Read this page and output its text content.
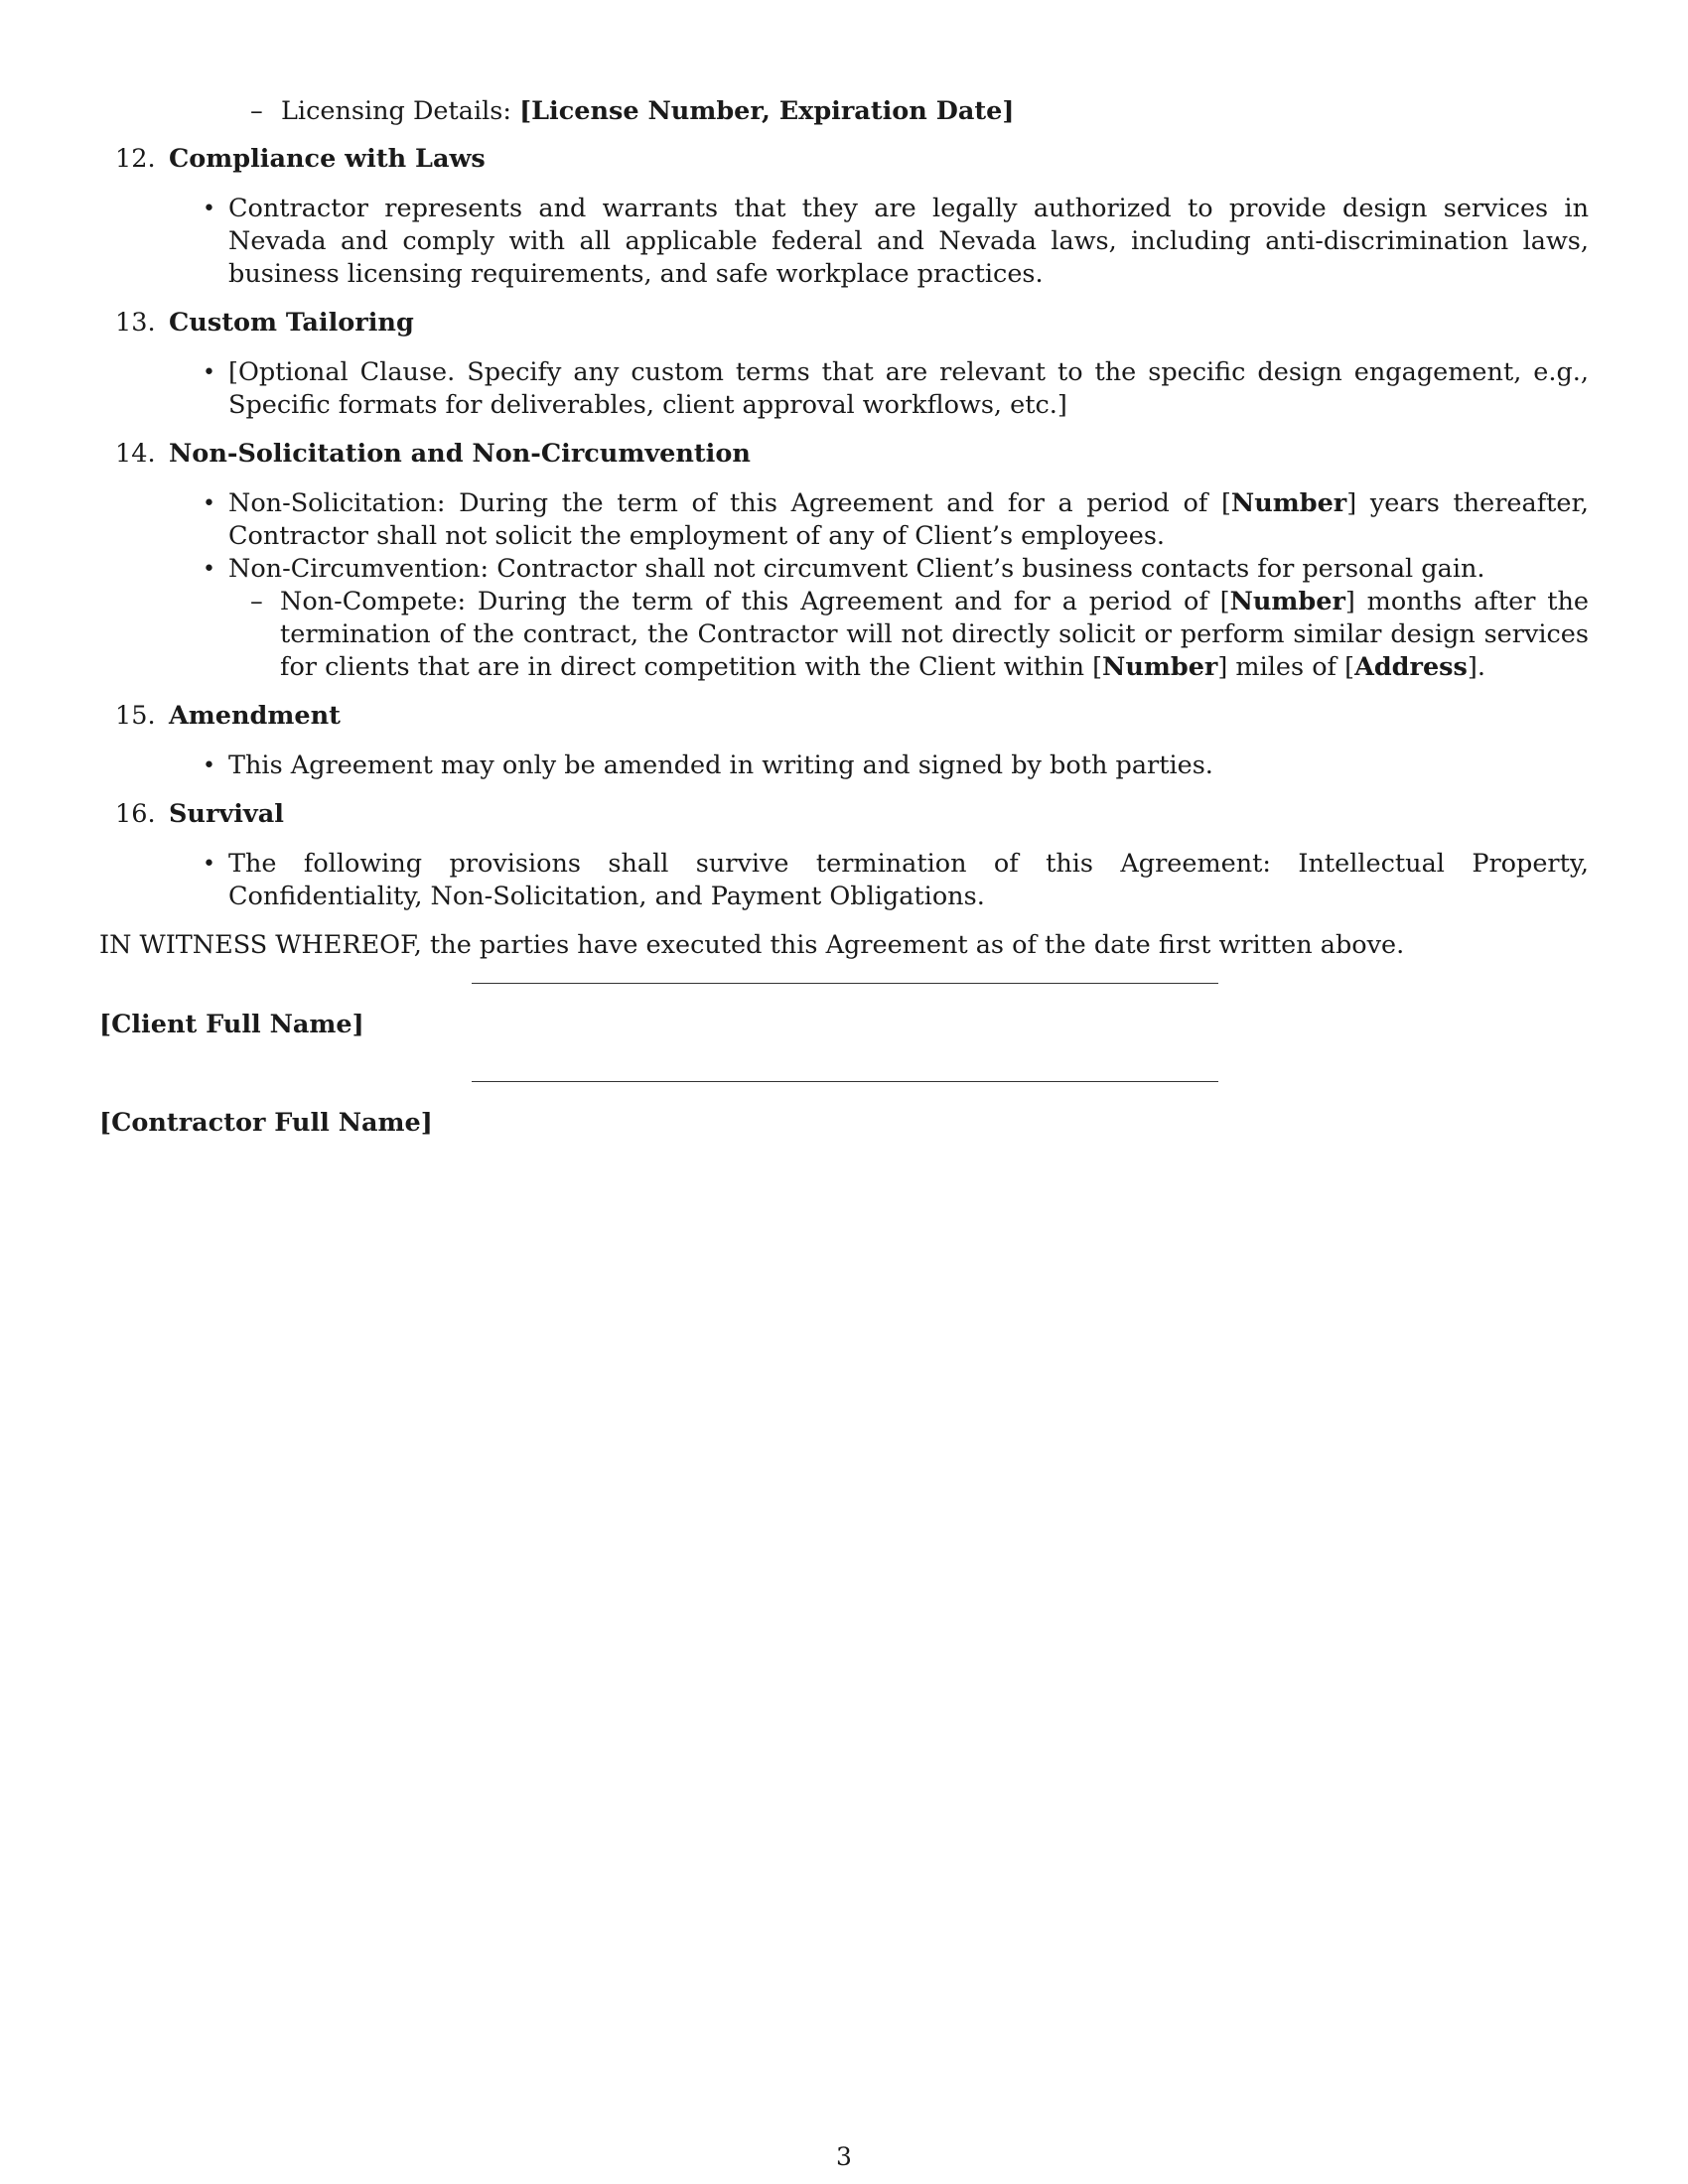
– Licensing Details: [License Number, Expiration Date]
12. Compliance with Laws
• Contractor represents and warrants that they are legally authorized to provide design services in Nevada and comply with all applicable federal and Nevada laws, including anti-discrimination laws, business licensing requirements, and safe workplace practices.
13. Custom Tailoring
• [Optional Clause. Specify any custom terms that are relevant to the specific design engagement, e.g., Specific formats for deliverables, client approval workflows, etc.]
14. Non-Solicitation and Non-Circumvention
• Non-Solicitation: During the term of this Agreement and for a period of [Number] years thereafter, Contractor shall not solicit the employment of any of Client’s employees.
• Non-Circumvention: Contractor shall not circumvent Client’s business contacts for personal gain.
– Non-Compete: During the term of this Agreement and for a period of [Number] months after the termination of the contract, the Contractor will not directly solicit or perform similar design services for clients that are in direct competition with the Client within [Number] miles of [Address].
15. Amendment
• This Agreement may only be amended in writing and signed by both parties.
16. Survival
• The following provisions shall survive termination of this Agreement: Intellectual Property, Confidentiality, Non-Solicitation, and Payment Obligations.
IN WITNESS WHEREOF, the parties have executed this Agreement as of the date first written above.
[Client Full Name]
[Contractor Full Name]
3
